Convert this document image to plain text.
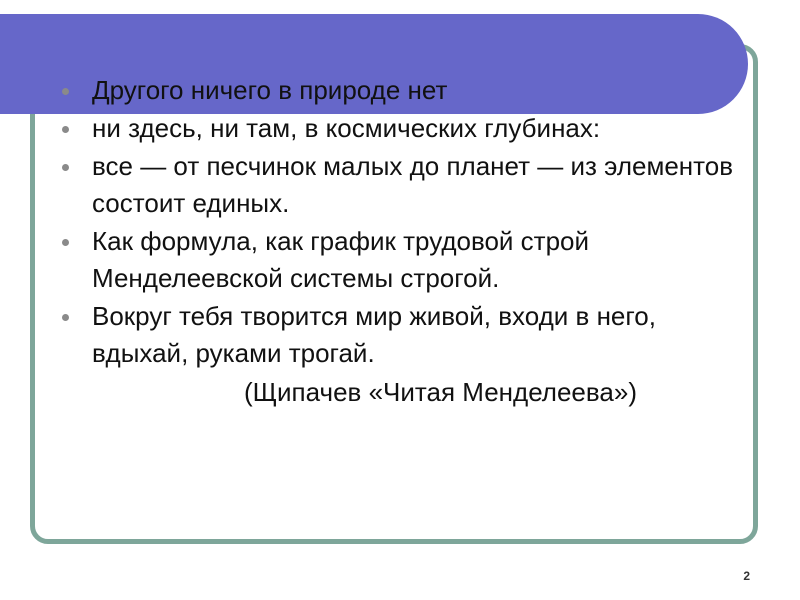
Другого ничего в природе нет
ни здесь, ни там, в космических глубинах:
все — от песчинок малых до планет — из элементов состоит единых.
Как формула, как график трудовой строй Менделеевской системы строгой.
Вокруг тебя творится мир живой, входи в него, вдыхай, руками трогай.
(Щипачев «Читая Менделеева»)
2
